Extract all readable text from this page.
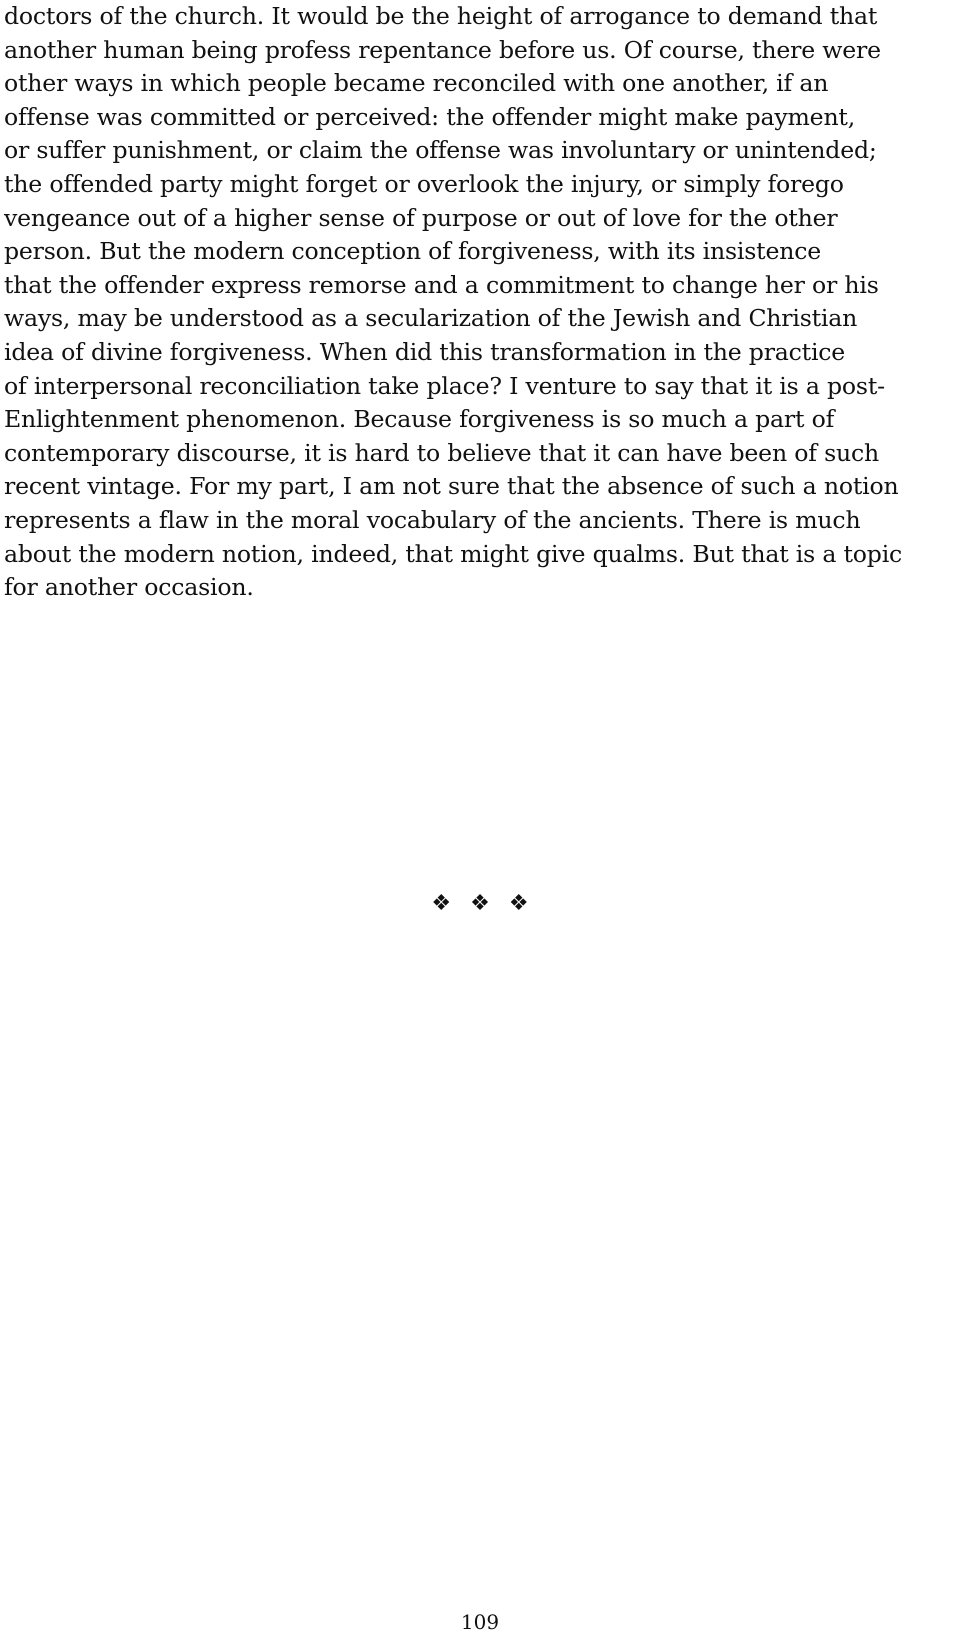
doctors of the church. It would be the height of arrogance to demand that
another human being profess repentance before us. Of course, there were
other ways in which people became reconciled with one another, if an
offense was committed or perceived: the offender might make payment,
or suffer punishment, or claim the offense was involuntary or unintended;
the offended party might forget or overlook the injury, or simply forego
vengeance out of a higher sense of purpose or out of love for the other
person. But the modern conception of forgiveness, with its insistence
that the offender express remorse and a commitment to change her or his
ways, may be understood as a secularization of the Jewish and Christian
idea of divine forgiveness. When did this transformation in the practice
of interpersonal reconciliation take place? I venture to say that it is a post-
Enlightenment phenomenon. Because forgiveness is so much a part of
contemporary discourse, it is hard to believe that it can have been of such
recent vintage. For my part, I am not sure that the absence of such a notion
represents a flaw in the moral vocabulary of the ancients. There is much
about the modern notion, indeed, that might give qualms. But that is a topic
for another occasion.
❖ ❖ ❖
109
